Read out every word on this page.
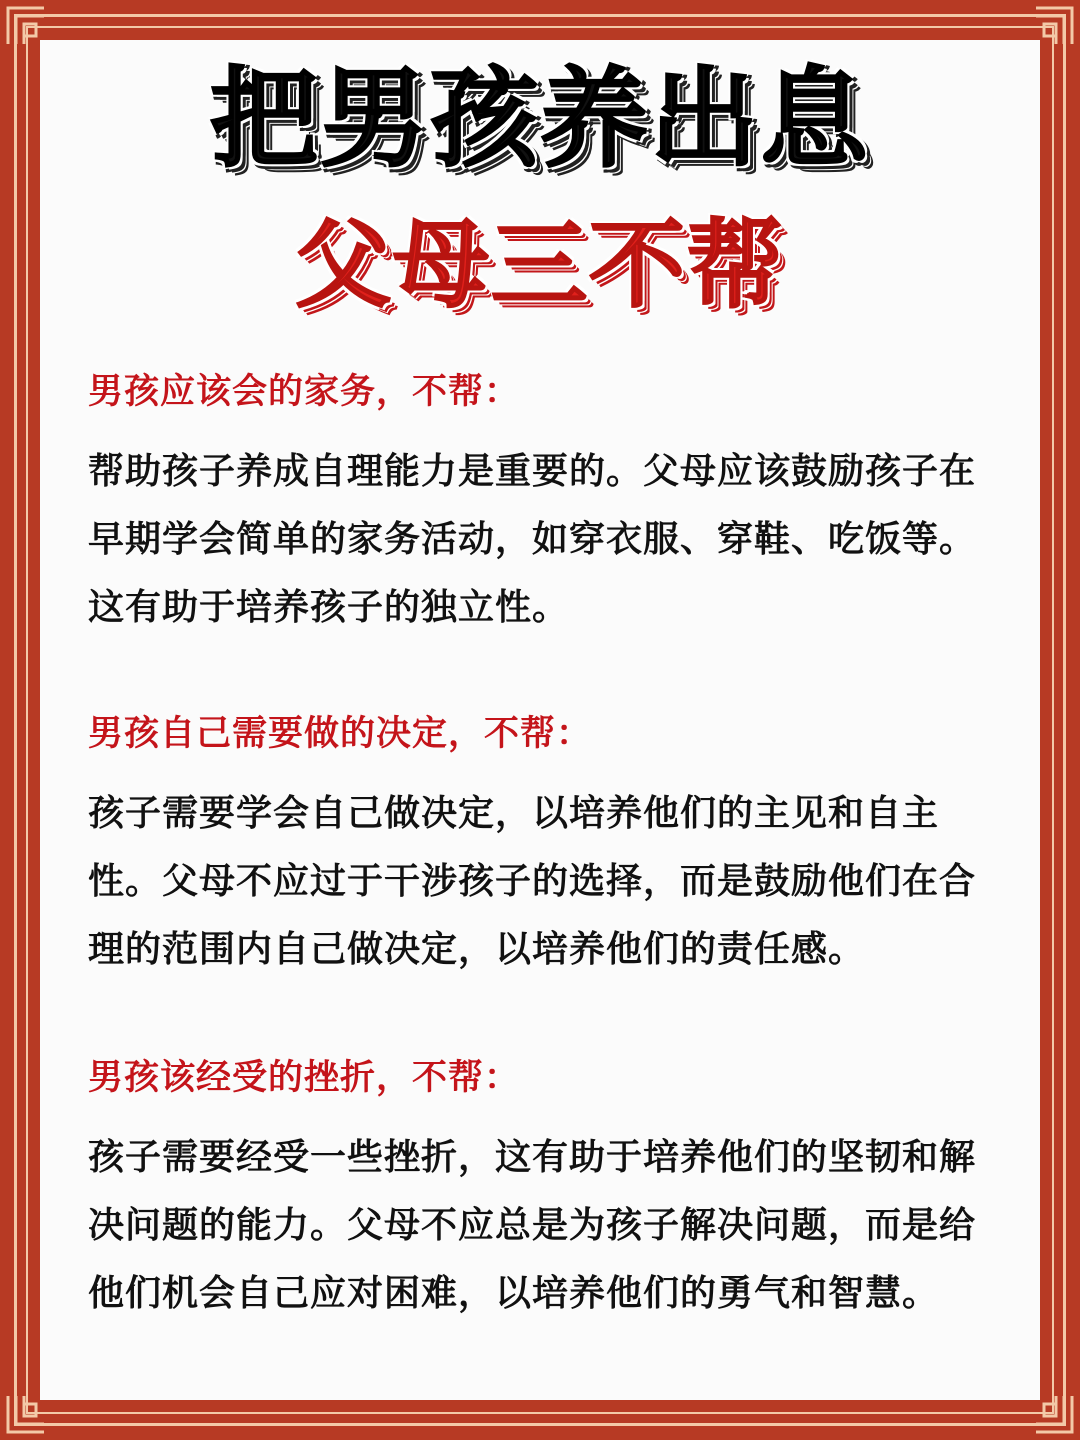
把男孩养出息
父母三不帮
男孩应该会的家务，不帮：
帮助孩子养成自理能力是重要的。父母应该鼓励孩子在早期学会简单的家务活动，如穿衣服、穿鞋、吃饭等。这有助于培养孩子的独立性。
男孩自己需要做的决定，不帮：
孩子需要学会自己做决定，以培养他们的主见和自主性。父母不应过于干涉孩子的选择，而是鼓励他们在合理的范围内自己做决定，以培养他们的责任感。
男孩该经受的挫折，不帮：
孩子需要经受一些挫折，这有助于培养他们的坚韧和解决问题的能力。父母不应总是为孩子解决问题，而是给他们机会自己应对困难，以培养他们的勇气和智慧。
